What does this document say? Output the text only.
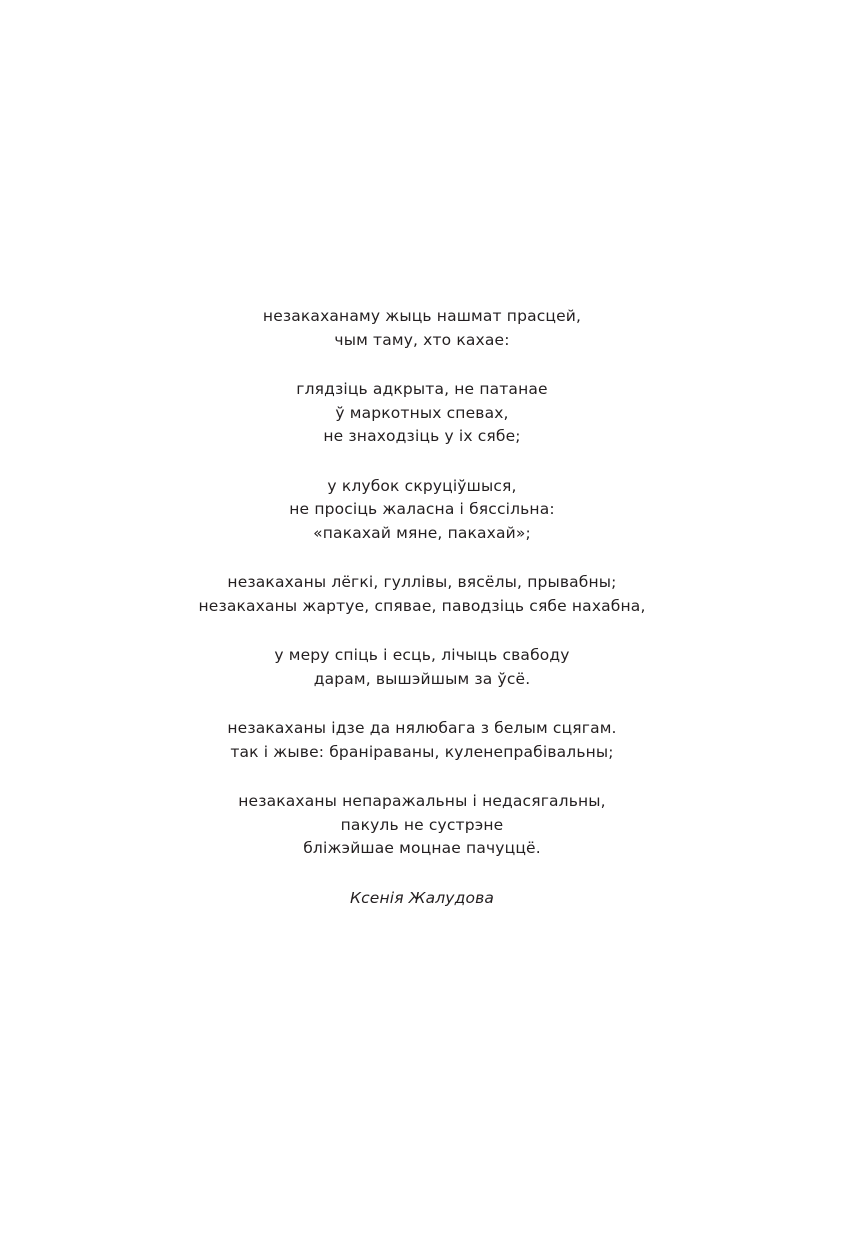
незакаханаму жыць нашмат прасцей,
чым таму, хто кахае:
глядзіць адкрыта, не патанае
ў маркотных спевах,
не знаходзіць у іх сябе;
у клубок скруціўшыся,
не просіць жаласна і бяссільна:
«пакахай мяне, пакахай»;
незакаханы лёгкі, гуллівы, вясёлы, прывабны;
незакаханы жартуе, спявае, паводзіць сябе нахабна,
у меру спіць і есць, лічыць свабоду
дарам, вышэйшым за ўсё.
незакаханы ідзе да нялюбага з белым сцягам.
так і жыве: браніраваны, куленепрабівальны;
незакаханы непаражальны і недасягальны,
пакуль не сустрэне
бліжэйшае моцнае пачуццё.
Ксенія Жалудова
